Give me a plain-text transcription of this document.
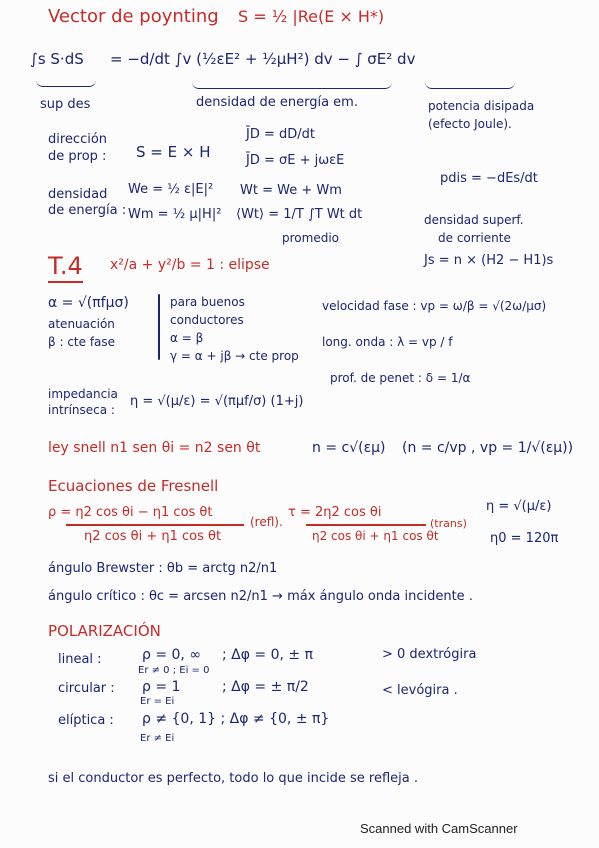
Vector de poynting S = ½ |Re(E × H*)
∫s S·dS = −d/dt ∫v (½εE² + ½μH²) dv − ∫ σE² dv
sup des	densidad de energía em.	potencia disipada
(efecto Joule).
dirección
de prop : S = E × H
J̄D = dD/dt
J̄D = σE + jωεE
pdis = −dEs/dt
densidad
de energía :
We = ½ ε|E|²
Wm = ½ μ|H|²
Wt = We + Wm
⟨Wt⟩ = 1/T ∫T Wt dt
promedio
densidad superf.
de corriente
Js = n × (H2 − H1)s
T.4 x²/a + y²/b = 1 : elipse
α = √(πfμσ)
atenuación
β : cte fase
para buenos
conductores
α = β
γ = α + jβ → cte prop
velocidad fase : vp = ω/β = √(2ω/μσ)
long. onda : λ = vp / f
prof. de penet : δ = 1/α
impedancia
intrínseca :
η = √(μ/ε) = √(πμf/σ) (1+j)
ley snell n1 sen θi = n2 sen θt	n = c√(εμ) (n = c/vp , vp = 1/√(εμ))
Ecuaciones de Fresnell
ρ = η2 cos θi − η1 cos θt
η2 cos θi + η1 cos θt
(refl).
τ = 2η2 cos θi
η2 cos θi + η1 cos θt
(trans)
η = √(μ/ε)
η0 = 120π
ángulo Brewster : θb = arctg n2/n1
ángulo crítico : θc = arcsen n2/n1 → máx ángulo onda incidente .
POLARIZACIÓN
lineal :	ρ = 0, ∞
Er ≠ 0 ; Ei = 0
; Δφ = 0, ± π	> 0 dextrógira
circular : ρ = 1
Er = Ei
; Δφ = ± π/2	< levógira .
elíptica : ρ ≠ {0, 1} ; Δφ ≠ {0, ± π}
Er ≠ Ei
si el conductor es perfecto, todo lo que incide se refleja .
Scanned with CamScanner
